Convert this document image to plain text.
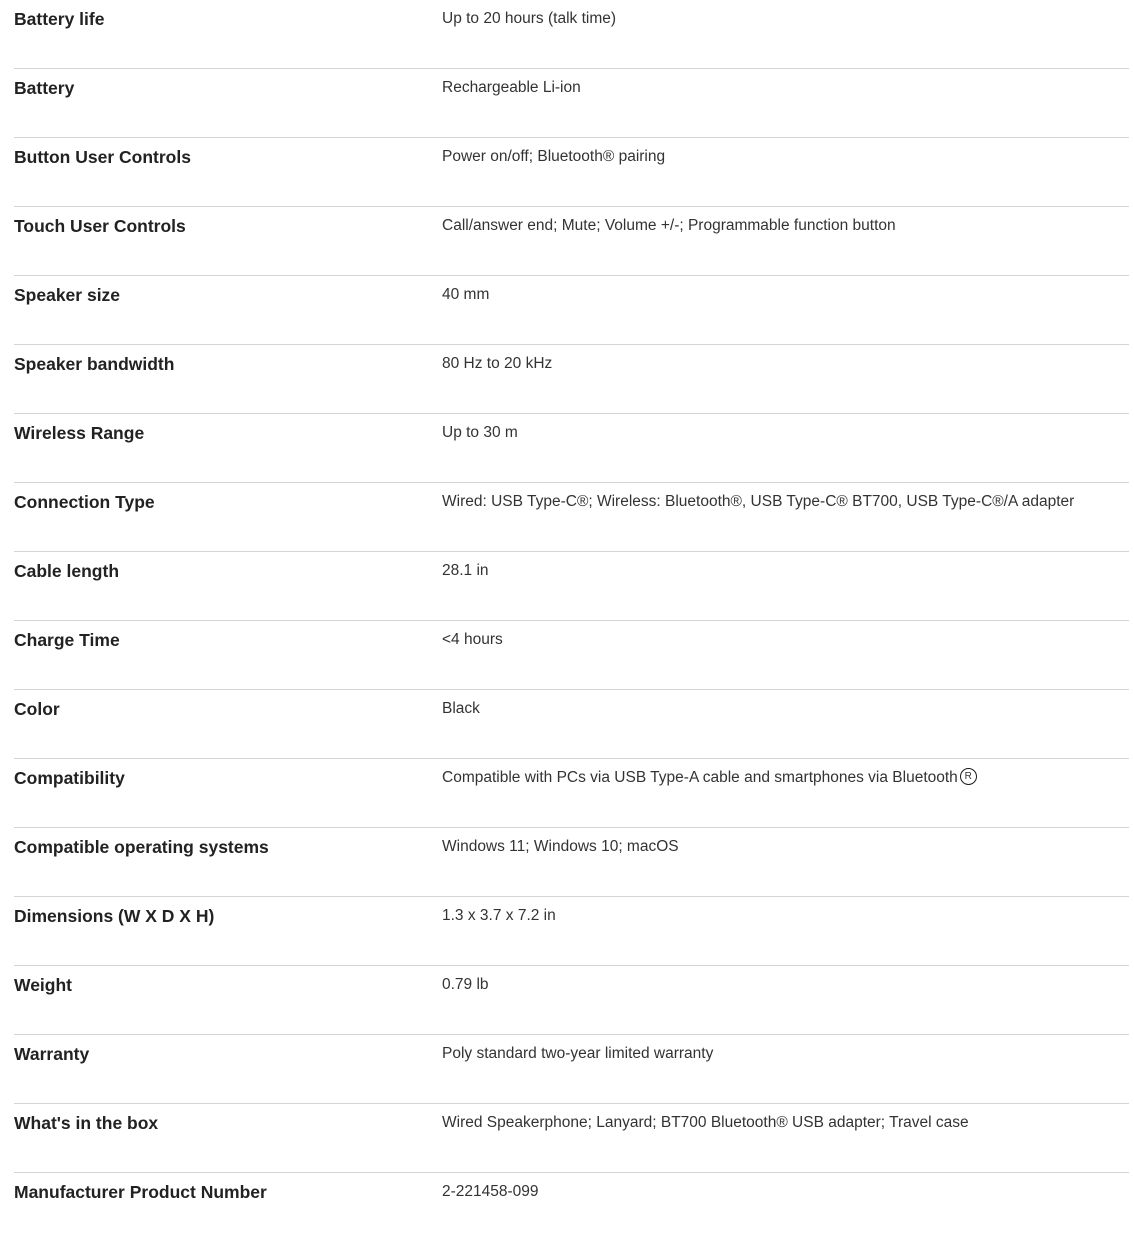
Battery life	Up to 20 hours (talk time)
Battery	Rechargeable Li-ion
Button User Controls	Power on/off; Bluetooth® pairing
Touch User Controls	Call/answer end; Mute; Volume +/-; Programmable function button
Speaker size	40 mm
Speaker bandwidth	80 Hz to 20 kHz
Wireless Range	Up to 30 m
Connection Type	Wired: USB Type-C®; Wireless: Bluetooth®, USB Type-C® BT700, USB Type-C®/A adapter
Cable length	28.1 in
Charge Time	<4 hours
Color	Black
Compatibility	Compatible with PCs via USB Type-A cable and smartphones via Bluetooth R
Compatible operating systems	Windows 11; Windows 10; macOS
Dimensions (W X D X H)	1.3 x 3.7 x 7.2 in
Weight	0.79 lb
Warranty	Poly standard two-year limited warranty
What's in the box	Wired Speakerphone; Lanyard; BT700 Bluetooth® USB adapter; Travel case
Manufacturer Product Number	2-221458-099
